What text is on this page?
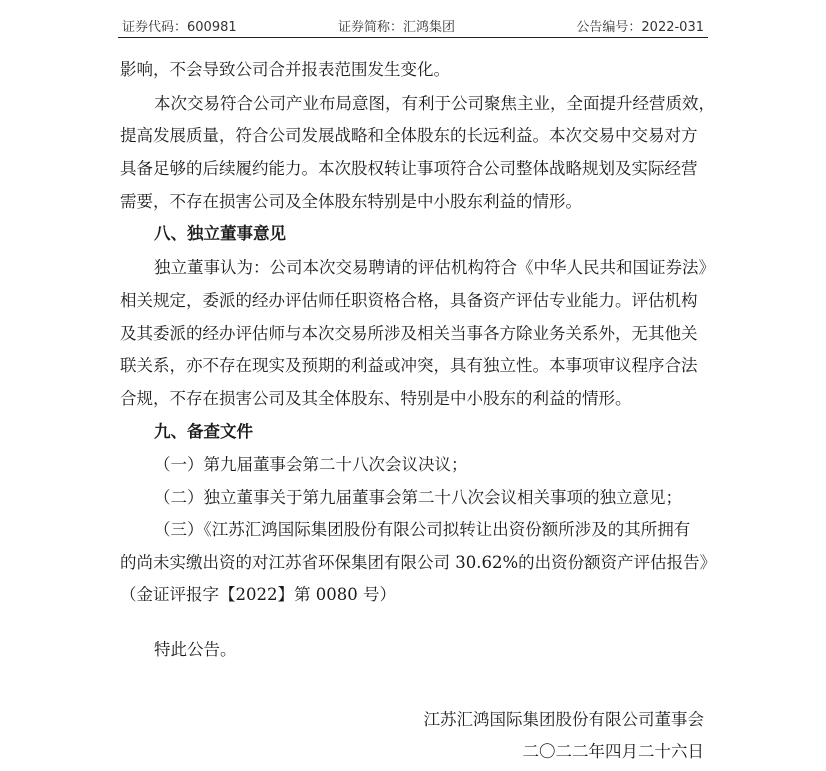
证券代码：600981	证券简称：汇鸿集团	公告编号：2022-031
影响，不会导致公司合并报表范围发生变化。
本次交易符合公司产业布局意图，有利于公司聚焦主业，全面提升经营质效，
提高发展质量，符合公司发展战略和全体股东的长远利益。本次交易中交易对方
具备足够的后续履约能力。本次股权转让事项符合公司整体战略规划及实际经营
需要，不存在损害公司及全体股东特别是中小股东利益的情形。
八、独立董事意见
独立董事认为：公司本次交易聘请的评估机构符合《中华人民共和国证券法》
相关规定，委派的经办评估师任职资格合格，具备资产评估专业能力。评估机构
及其委派的经办评估师与本次交易所涉及相关当事各方除业务关系外，无其他关
联关系，亦不存在现实及预期的利益或冲突，具有独立性。本事项审议程序合法
合规，不存在损害公司及其全体股东、特别是中小股东的利益的情形。
九、备查文件
（一）第九届董事会第二十八次会议决议；
（二）独立董事关于第九届董事会第二十八次会议相关事项的独立意见；
（三）《江苏汇鸿国际集团股份有限公司拟转让出资份额所涉及的其所拥有
的尚未实缴出资的对江苏省环保集团有限公司 30.62%的出资份额资产评估报告》
（金证评报字【2022】第 0080 号）
特此公告。
江苏汇鸿国际集团股份有限公司董事会
二〇二二年四月二十六日
